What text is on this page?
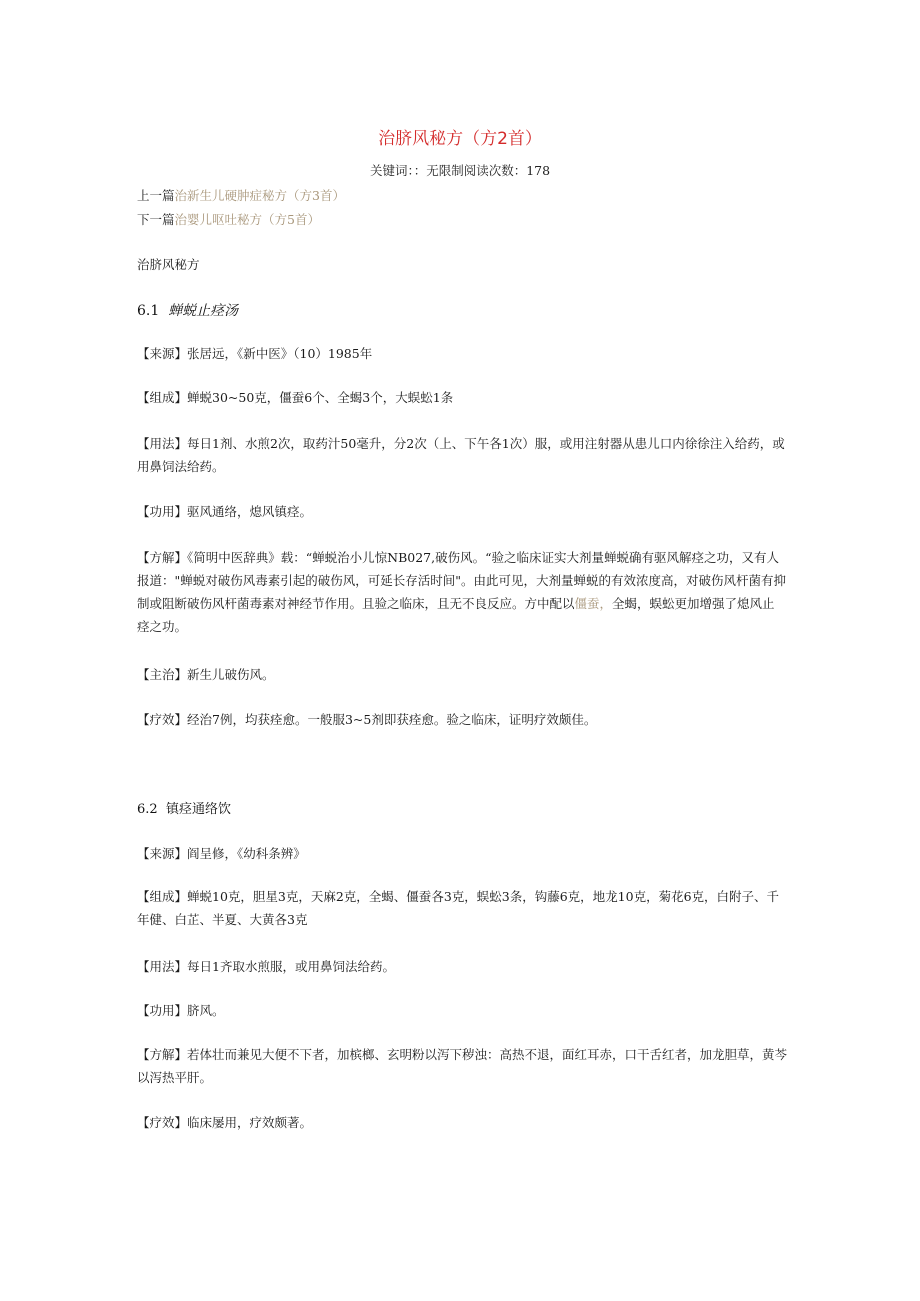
治脐风秘方（方2首）
关键词：：无限制阅读次数：178
上一篇治新生儿硬肿症秘方（方3首）
下一篇治婴儿呕吐秘方（方5首）
治脐风秘方
6.1 蝉蜕止痉汤
【来源】张居远，《新中医》（10）1985年
【组成】蝉蜕30~50克，僵蚕6个、全蝎3个，大蜈蚣1条
【用法】每日1剂、水煎2次，取药汁50毫升，分2次（上、下午各1次）服，或用注射器从患儿口内徐徐注入给药，或用鼻饲法给药。
【功用】驱风通络，熄风镇痉。
【方解】《简明中医辞典》载：“蝉蜕治小儿惊NB027,破伤风。“验之临床证实大剂量蝉蜕确有驱风解痉之功，又有人报道："蝉蜕对破伤风毒素引起的破伤风，可延长存活时间"。由此可见，大剂量蝉蜕的有效浓度高，对破伤风杆菌有抑制或阻断破伤风杆菌毒素对神经节作用。且验之临床，且无不良反应。方中配以僵蚕，全蝎，蜈蚣更加增强了熄风止痉之功。
【主治】新生儿破伤风。
【疗效】经治7例，均获痊愈。一般服3~5剂即获痊愈。验之临床，证明疗效颇佳。
6.2 镇痉通络饮
【来源】阎呈修，《幼科条辨》
【组成】蝉蜕10克，胆星3克，天麻2克，全蝎、僵蚕各3克，蜈蚣3条，钩藤6克，地龙10克，菊花6克，白附子、千年健、白芷、半夏、大黄各3克
【用法】每日1齐取水煎服，或用鼻饲法给药。
【功用】脐风。
【方解】若体壮而兼见大便不下者，加槟榔、玄明粉以泻下秽浊：高热不退，面红耳赤，口干舌红者，加龙胆草，黄芩以泻热平肝。
【疗效】临床屡用，疗效颇著。
